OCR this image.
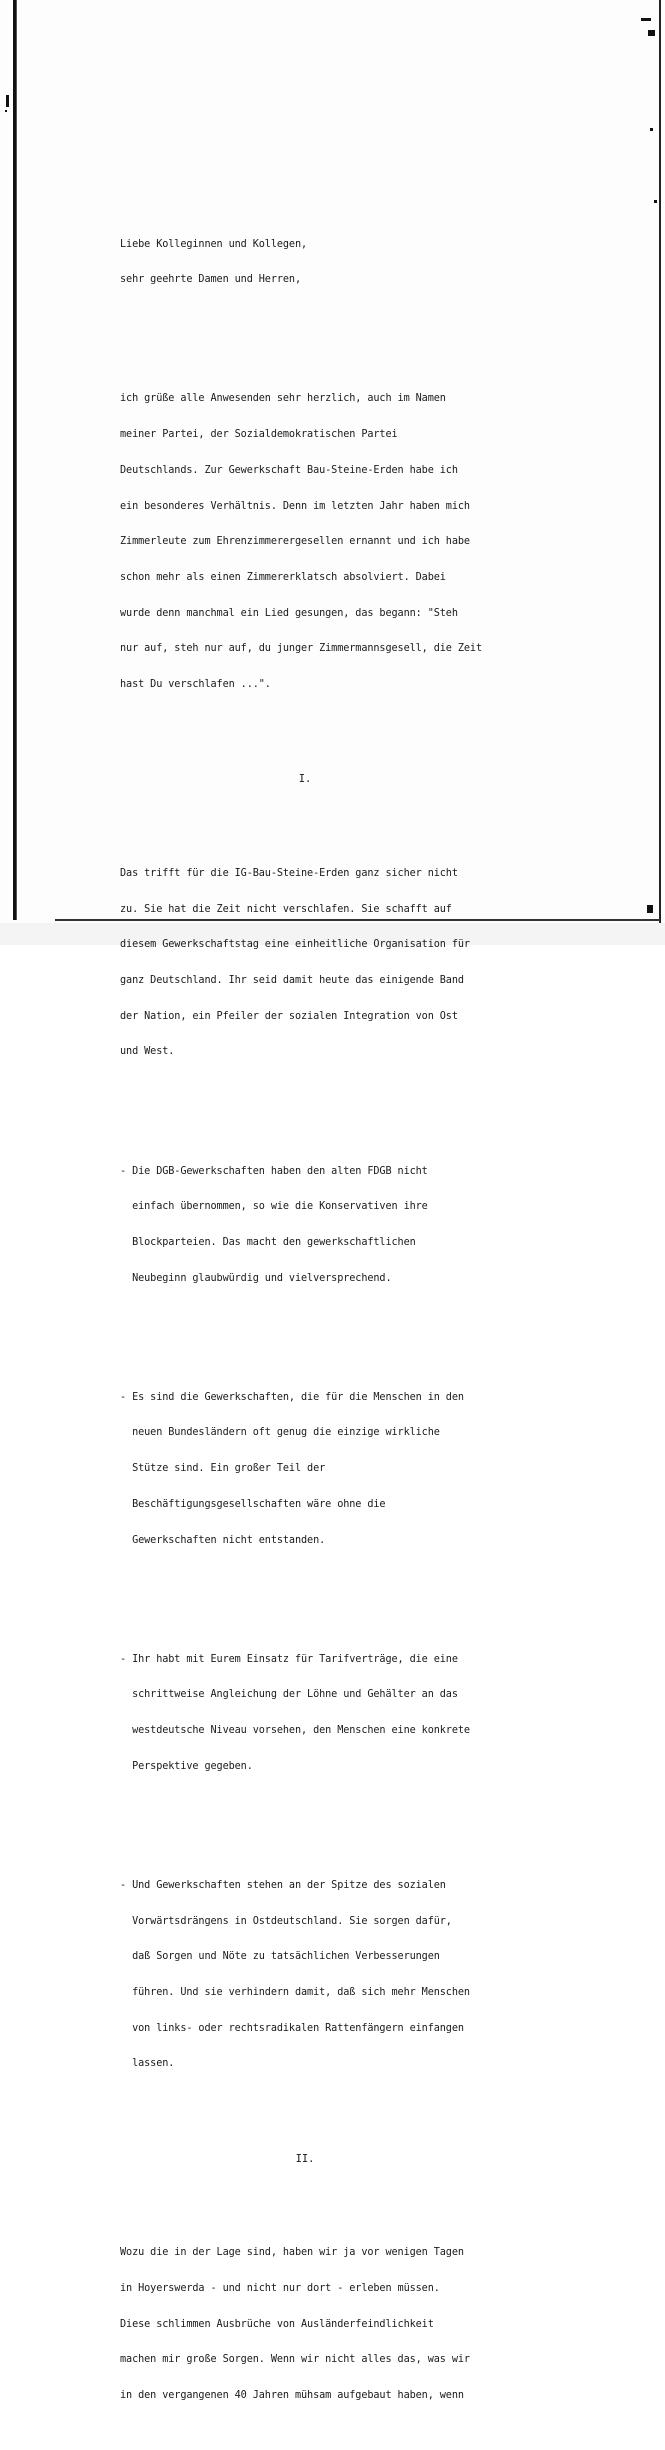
Liebe Kolleginnen und Kollegen,

sehr geehrte Damen und Herren,

ich grüße alle Anwesenden sehr herzlich, auch im Namen

meiner Partei, der Sozialdemokratischen Partei

Deutschlands. Zur Gewerkschaft Bau-Steine-Erden habe ich

ein besonderes Verhältnis. Denn im letzten Jahr haben mich

Zimmerleute zum Ehrenzimmerergesellen ernannt und ich habe

schon mehr als einen Zimmererklatsch absolviert. Dabei

wurde denn manchmal ein Lied gesungen, das begann: "Steh

nur auf, steh nur auf, du junger Zimmermannsgesell, die Zeit

hast Du verschlafen ...".

I.

Das trifft für die IG-Bau-Steine-Erden ganz sicher nicht

zu. Sie hat die Zeit nicht verschlafen. Sie schafft auf

diesem Gewerkschaftstag eine einheitliche Organisation für

ganz Deutschland. Ihr seid damit heute das einigende Band

der Nation, ein Pfeiler der sozialen Integration von Ost

und West.

- Die DGB-Gewerkschaften haben den alten FDGB nicht

einfach übernommen, so wie die Konservativen ihre

Blockparteien. Das macht den gewerkschaftlichen

Neubeginn glaubwürdig und vielversprechend.

- Es sind die Gewerkschaften, die für die Menschen in den

neuen Bundesländern oft genug die einzige wirkliche

Stütze sind. Ein großer Teil der

Beschäftigungsgesellschaften wäre ohne die

Gewerkschaften nicht entstanden.

- Ihr habt mit Eurem Einsatz für Tarifverträge, die eine

schrittweise Angleichung der Löhne und Gehälter an das

westdeutsche Niveau vorsehen, den Menschen eine konkrete

Perspektive gegeben.

- Und Gewerkschaften stehen an der Spitze des sozialen

Vorwärtsdrängens in Ostdeutschland. Sie sorgen dafür,

daß Sorgen und Nöte zu tatsächlichen Verbesserungen

führen. Und sie verhindern damit, daß sich mehr Menschen

von links- oder rechtsradikalen Rattenfängern einfangen

lassen.

II.

Wozu die in der Lage sind, haben wir ja vor wenigen Tagen

in Hoyerswerda - und nicht nur dort - erleben müssen.

Diese schlimmen Ausbrüche von Ausländerfeindlichkeit

machen mir große Sorgen. Wenn wir nicht alles das, was wir

in den vergangenen 40 Jahren mühsam aufgebaut haben, wenn
